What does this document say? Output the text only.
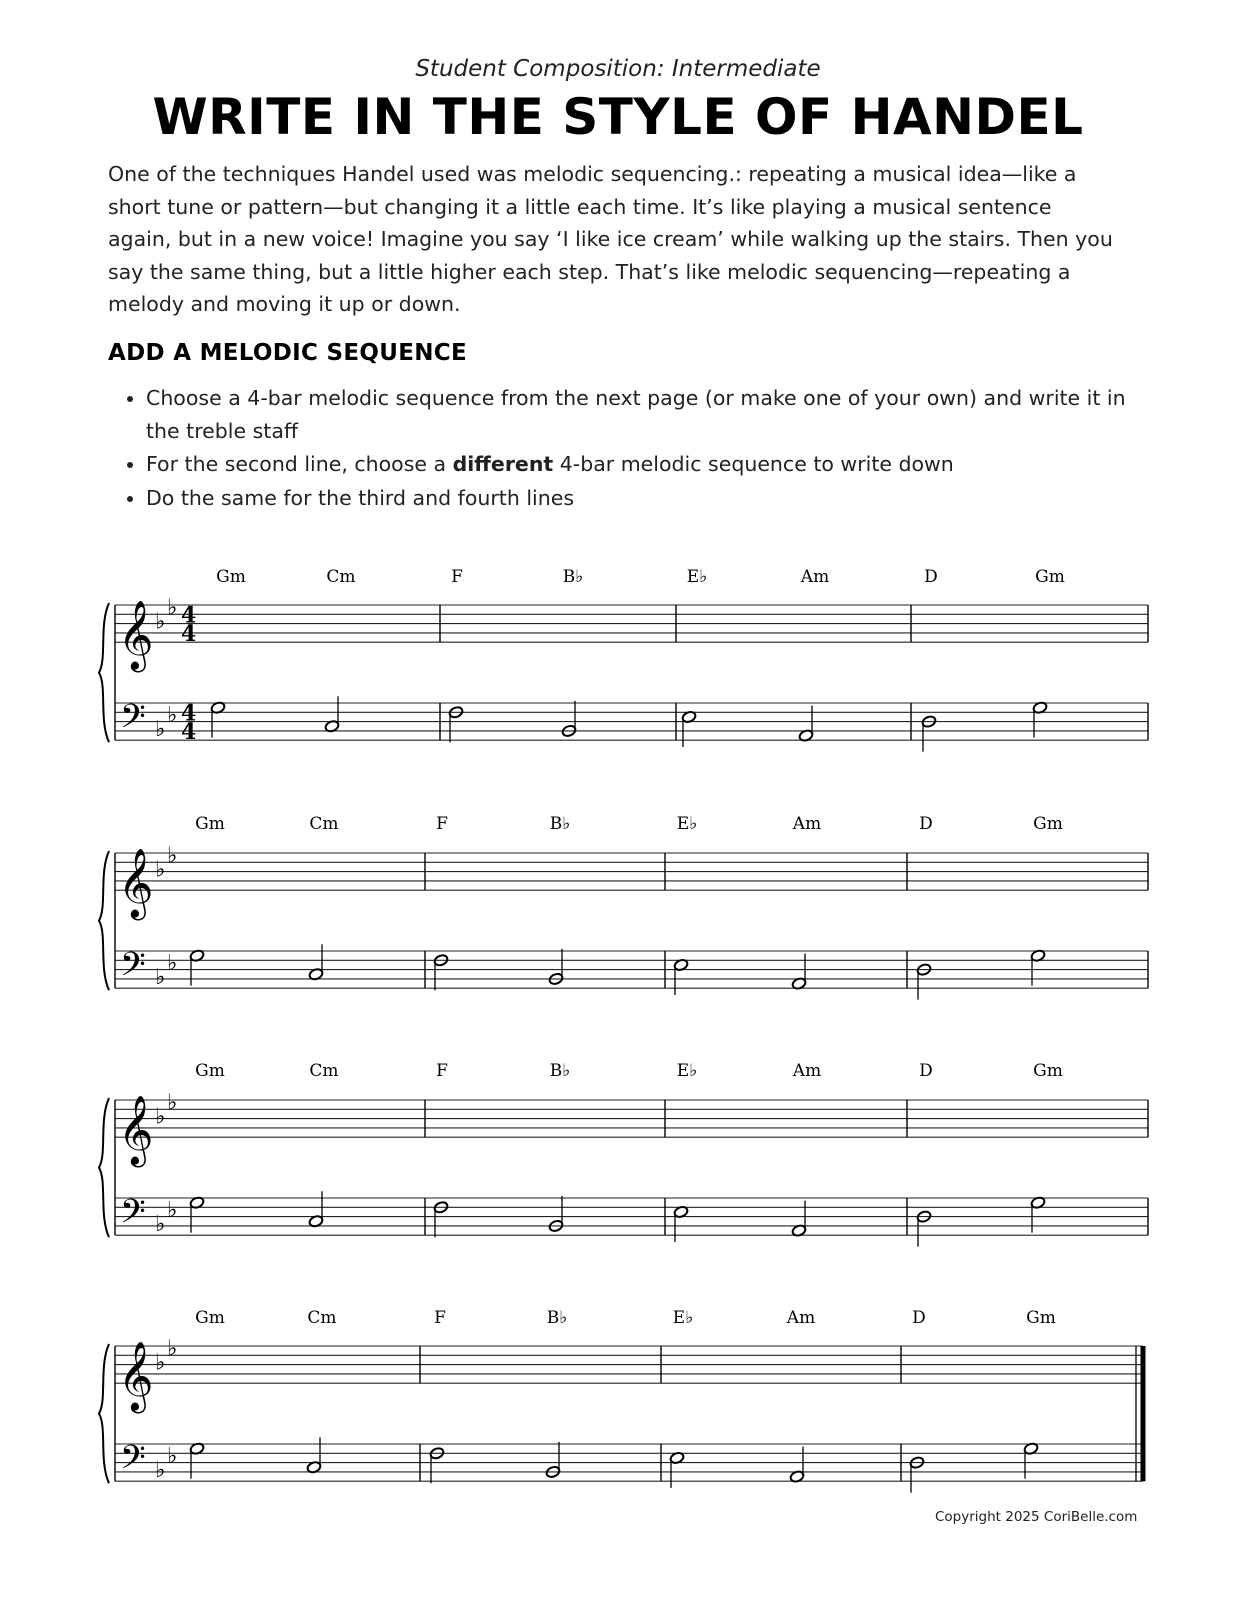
Student Composition: Intermediate
WRITE IN THE STYLE OF HANDEL
One of the techniques Handel used was melodic sequencing.: repeating a musical idea—like a short tune or pattern—but changing it a little each time. It’s like playing a musical sentence again, but in a new voice! Imagine you say ‘I like ice cream’ while walking up the stairs. Then you say the same thing, but a little higher each step. That’s like melodic sequencing—repeating a melody and moving it up or down.
ADD A MELODIC SEQUENCE
• Choose a 4-bar melodic sequence from the next page (or make one of your own) and write it in the treble staff
• For the second line, choose a different 4-bar melodic sequence to write down
• Do the same for the third and fourth lines
𝄞
𝄢
♭
♭
♭
♭
4
4
4
4
Gm	Cm	F	B♭	E♭	Am	D	Gm
𝄞
𝄢
♭
♭
♭
♭
Gm	Cm	F	B♭	E♭	Am	D	Gm
𝄞
𝄢
♭
♭
♭
♭
Gm	Cm	F	B♭	E♭	Am	D	Gm
𝄞
𝄢
♭
♭
♭
♭
Gm	Cm	F	B♭	E♭	Am	D	Gm
Copyright 2025 CoriBelle.com
